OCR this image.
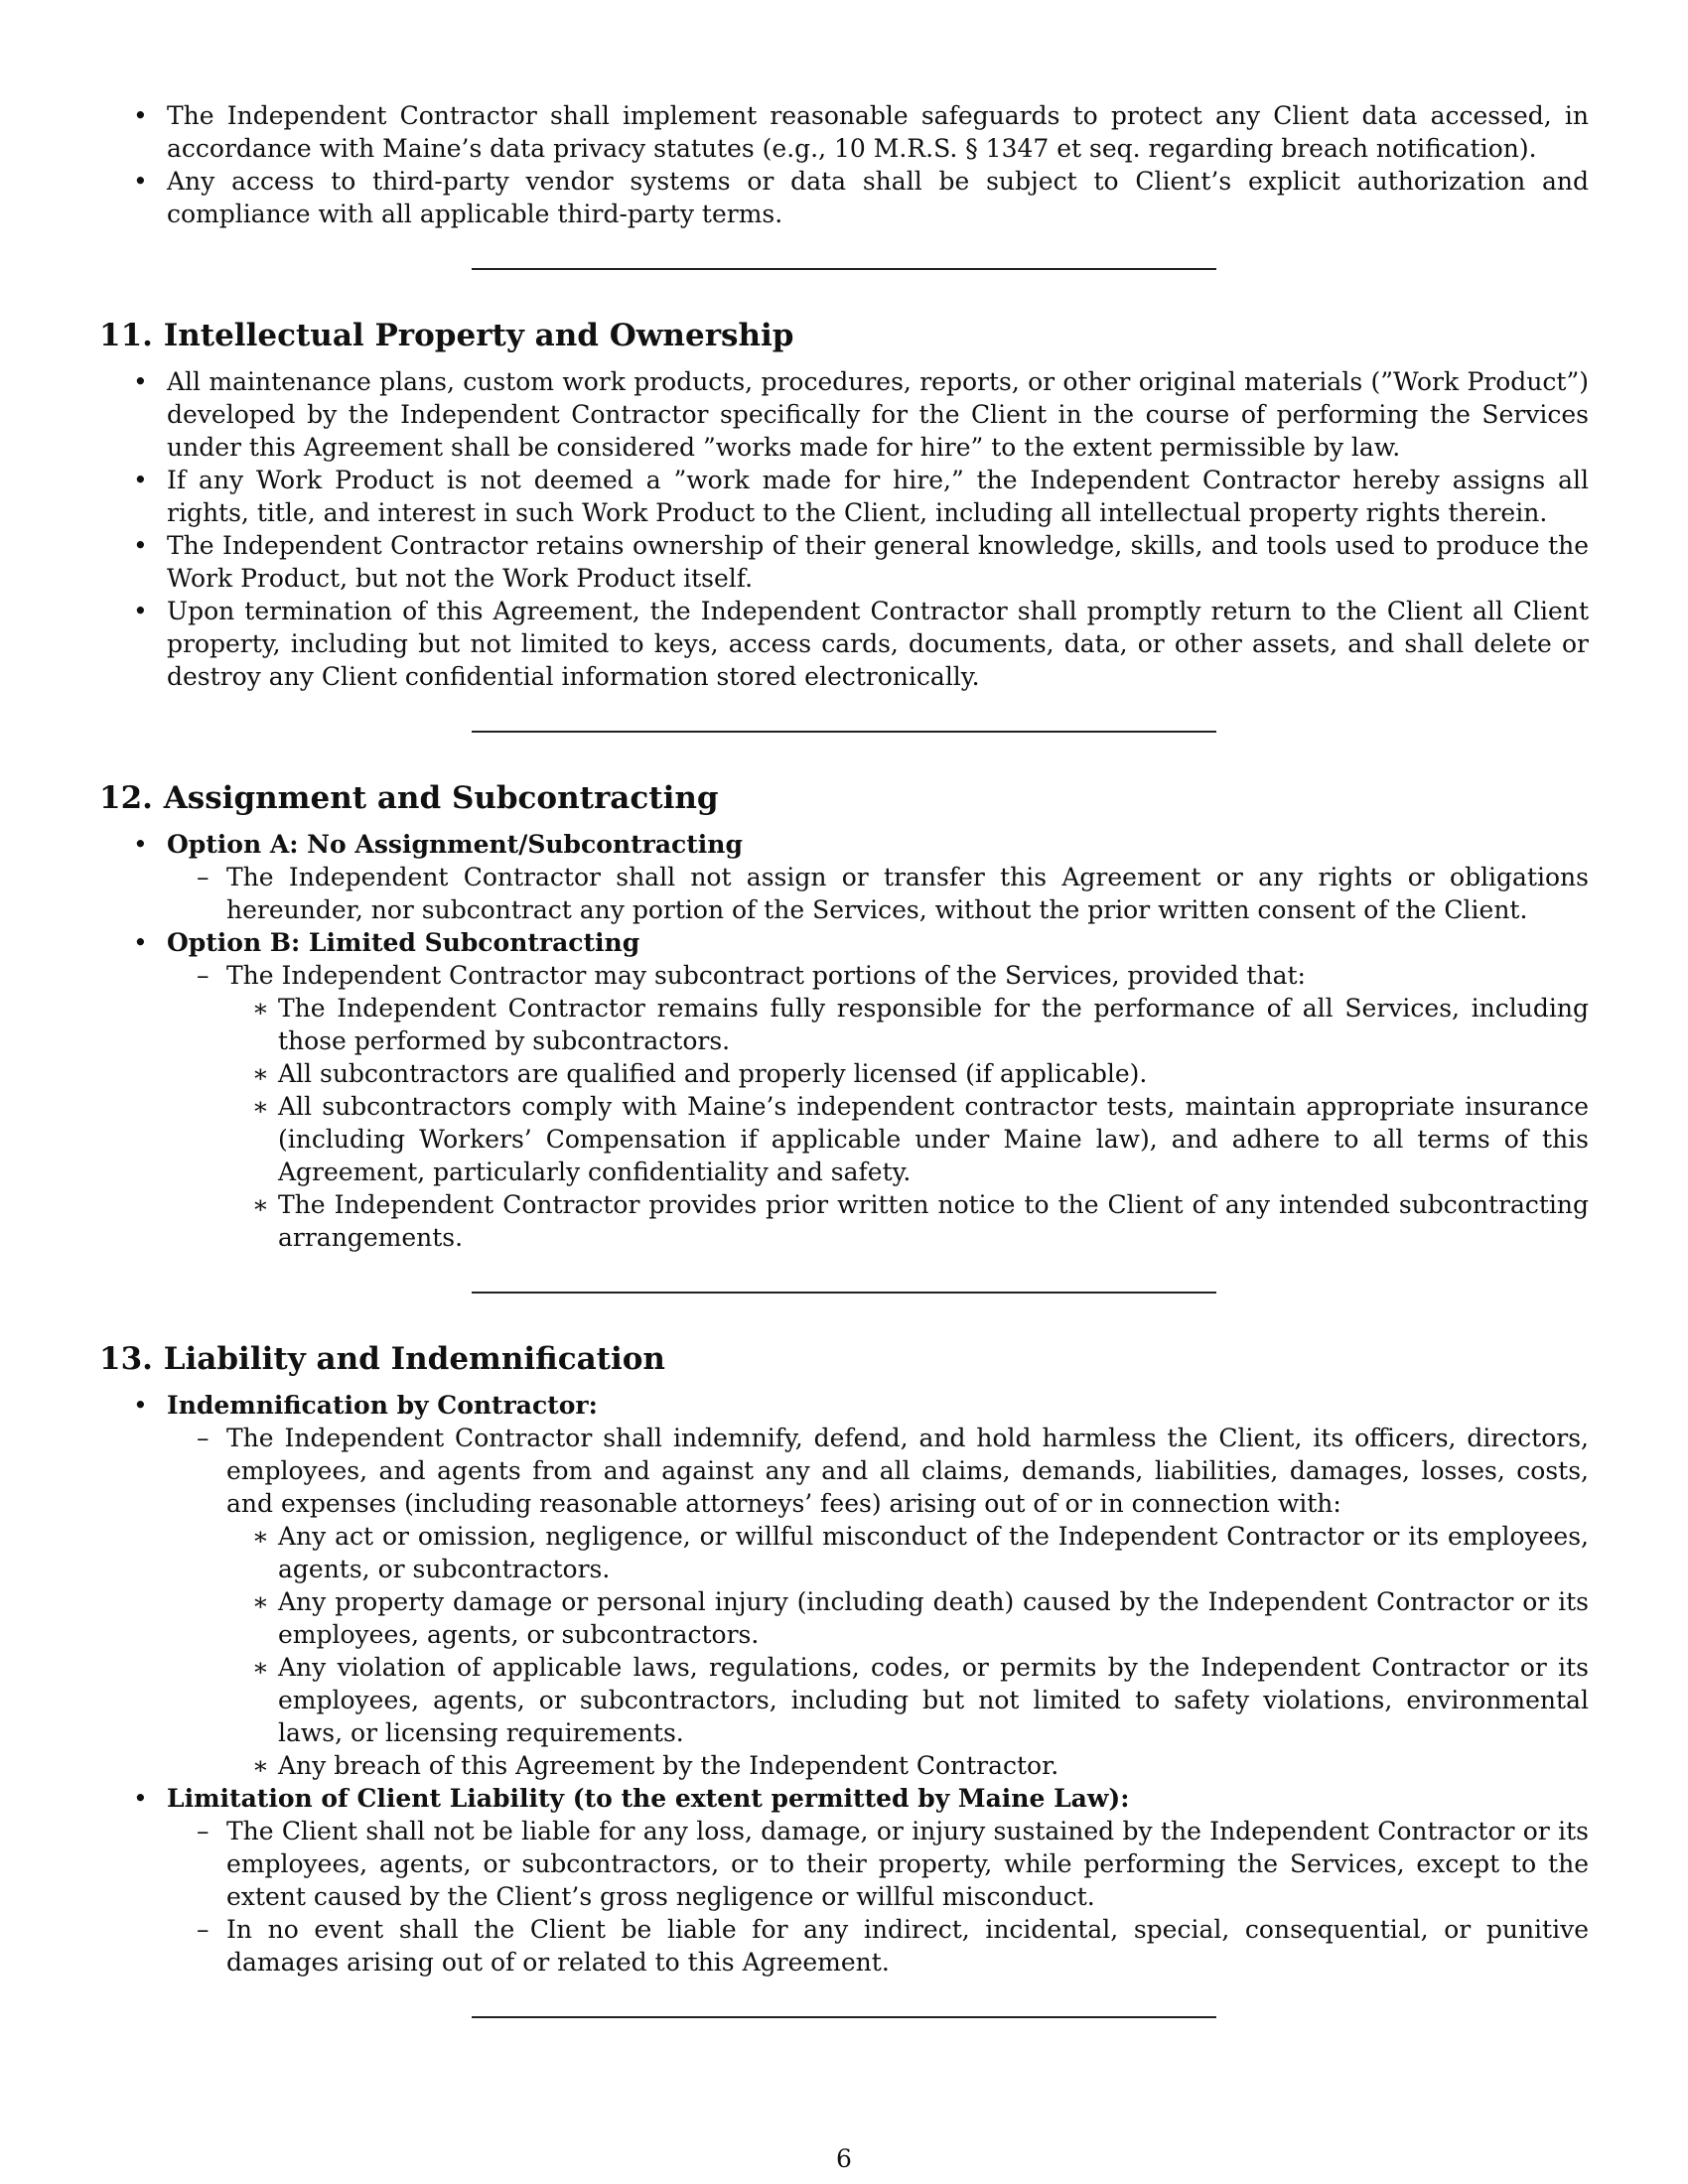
• The Independent Contractor shall implement reasonable safeguards to protect any Client data accessed, in accordance with Maine’s data privacy statutes (e.g., 10 M.R.S. § 1347 et seq. regarding breach notification).
• Any access to third-party vendor systems or data shall be subject to Client’s explicit authorization and compliance with all applicable third-party terms.
11. Intellectual Property and Ownership
• All maintenance plans, custom work products, procedures, reports, or other original materials (”Work Product”) developed by the Independent Contractor specifically for the Client in the course of performing the Services under this Agreement shall be considered ”works made for hire” to the extent permissible by law.
• If any Work Product is not deemed a ”work made for hire,” the Independent Contractor hereby assigns all rights, title, and interest in such Work Product to the Client, including all intellectual property rights therein.
• The Independent Contractor retains ownership of their general knowledge, skills, and tools used to produce the Work Product, but not the Work Product itself.
• Upon termination of this Agreement, the Independent Contractor shall promptly return to the Client all Client property, including but not limited to keys, access cards, documents, data, or other assets, and shall delete or destroy any Client confidential information stored electronically.
12. Assignment and Subcontracting
• Option A: No Assignment/Subcontracting
– The Independent Contractor shall not assign or transfer this Agreement or any rights or obligations hereunder, nor subcontract any portion of the Services, without the prior written consent of the Client.
• Option B: Limited Subcontracting
– The Independent Contractor may subcontract portions of the Services, provided that:
∗ The Independent Contractor remains fully responsible for the performance of all Services, including those performed by subcontractors.
∗ All subcontractors are qualified and properly licensed (if applicable).
∗ All subcontractors comply with Maine’s independent contractor tests, maintain appropriate insurance (including Workers’ Compensation if applicable under Maine law), and adhere to all terms of this Agreement, particularly confidentiality and safety.
∗ The Independent Contractor provides prior written notice to the Client of any intended subcontracting arrangements.
13. Liability and Indemnification
• Indemnification by Contractor:
– The Independent Contractor shall indemnify, defend, and hold harmless the Client, its officers, directors, employees, and agents from and against any and all claims, demands, liabilities, damages, losses, costs, and expenses (including reasonable attorneys’ fees) arising out of or in connection with:
∗ Any act or omission, negligence, or willful misconduct of the Independent Contractor or its employees, agents, or subcontractors.
∗ Any property damage or personal injury (including death) caused by the Independent Contractor or its employees, agents, or subcontractors.
∗ Any violation of applicable laws, regulations, codes, or permits by the Independent Contractor or its employees, agents, or subcontractors, including but not limited to safety violations, environmental laws, or licensing requirements.
∗ Any breach of this Agreement by the Independent Contractor.
• Limitation of Client Liability (to the extent permitted by Maine Law):
– The Client shall not be liable for any loss, damage, or injury sustained by the Independent Contractor or its employees, agents, or subcontractors, or to their property, while performing the Services, except to the extent caused by the Client’s gross negligence or willful misconduct.
– In no event shall the Client be liable for any indirect, incidental, special, consequential, or punitive damages arising out of or related to this Agreement.
6
